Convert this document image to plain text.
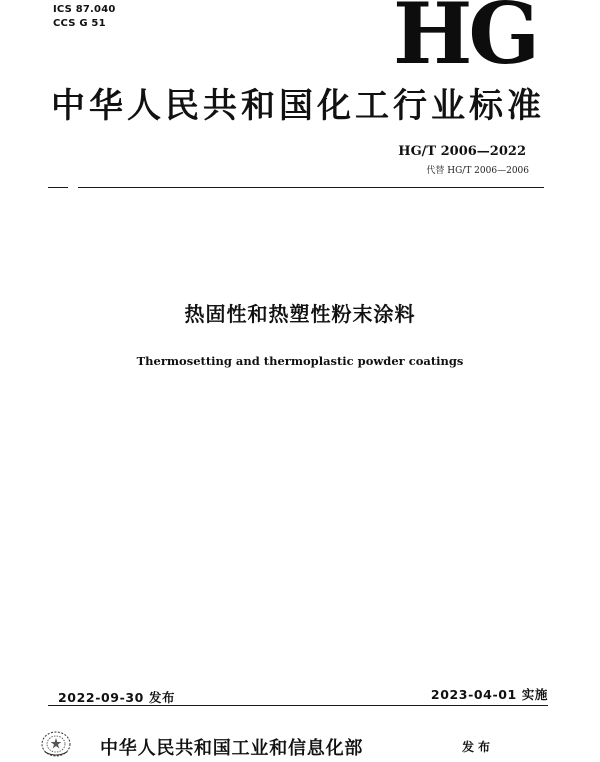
ICS 87.040
CCS G 51	HG
中华人民共和国化工行业标准
HG/T 2006—2022
代替 HG/T 2006—2006
热固性和热塑性粉末涂料
Thermosetting and thermoplastic powder coatings
2022-09-30 发布	2023-04-01 实施
中华人民共和国工业和信息化部	发布
